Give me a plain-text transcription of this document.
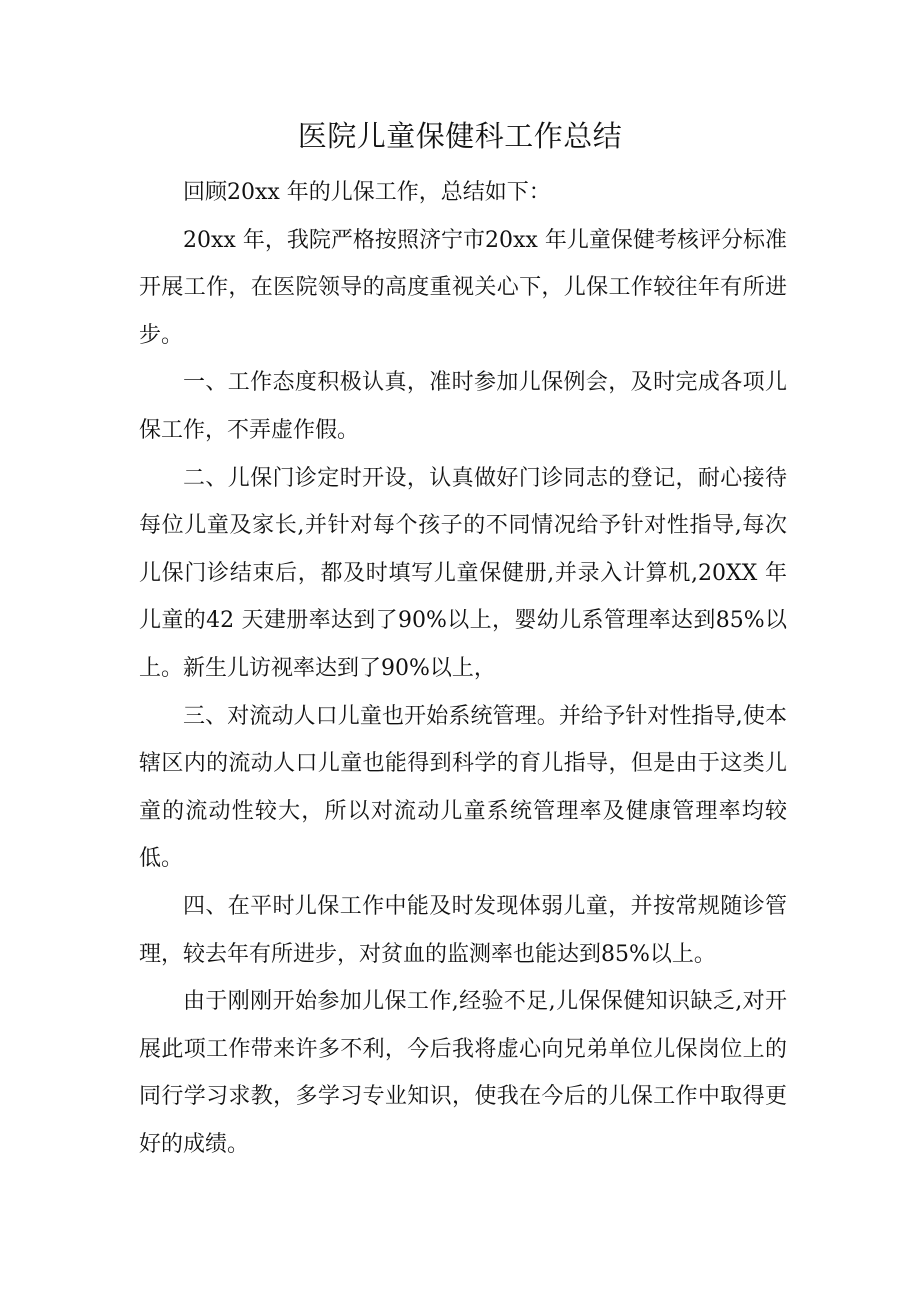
医院儿童保健科工作总结

回顾20xx 年的儿保工作，总结如下：

20xx 年，我院严格按照济宁市20xx 年儿童保健考核评分标准开展工作，在医院领导的高度重视关心下，儿保工作较往年有所进步。

一、工作态度积极认真，准时参加儿保例会，及时完成各项儿保工作，不弄虚作假。

二、儿保门诊定时开设，认真做好门诊同志的登记，耐心接待每位儿童及家长,并针对每个孩子的不同情况给予针对性指导,每次儿保门诊结束后，都及时填写儿童保健册,并录入计算机,20XX 年儿童的42 天建册率达到了90%以上，婴幼儿系管理率达到85%以上。新生儿访视率达到了90%以上，

三、对流动人口儿童也开始系统管理。并给予针对性指导,使本辖区内的流动人口儿童也能得到科学的育儿指导，但是由于这类儿童的流动性较大，所以对流动儿童系统管理率及健康管理率均较低。

四、在平时儿保工作中能及时发现体弱儿童，并按常规随诊管理，较去年有所进步，对贫血的监测率也能达到85%以上。

由于刚刚开始参加儿保工作,经验不足,儿保保健知识缺乏,对开展此项工作带来许多不利，今后我将虚心向兄弟单位儿保岗位上的同行学习求教，多学习专业知识，使我在今后的儿保工作中取得更好的成绩。
